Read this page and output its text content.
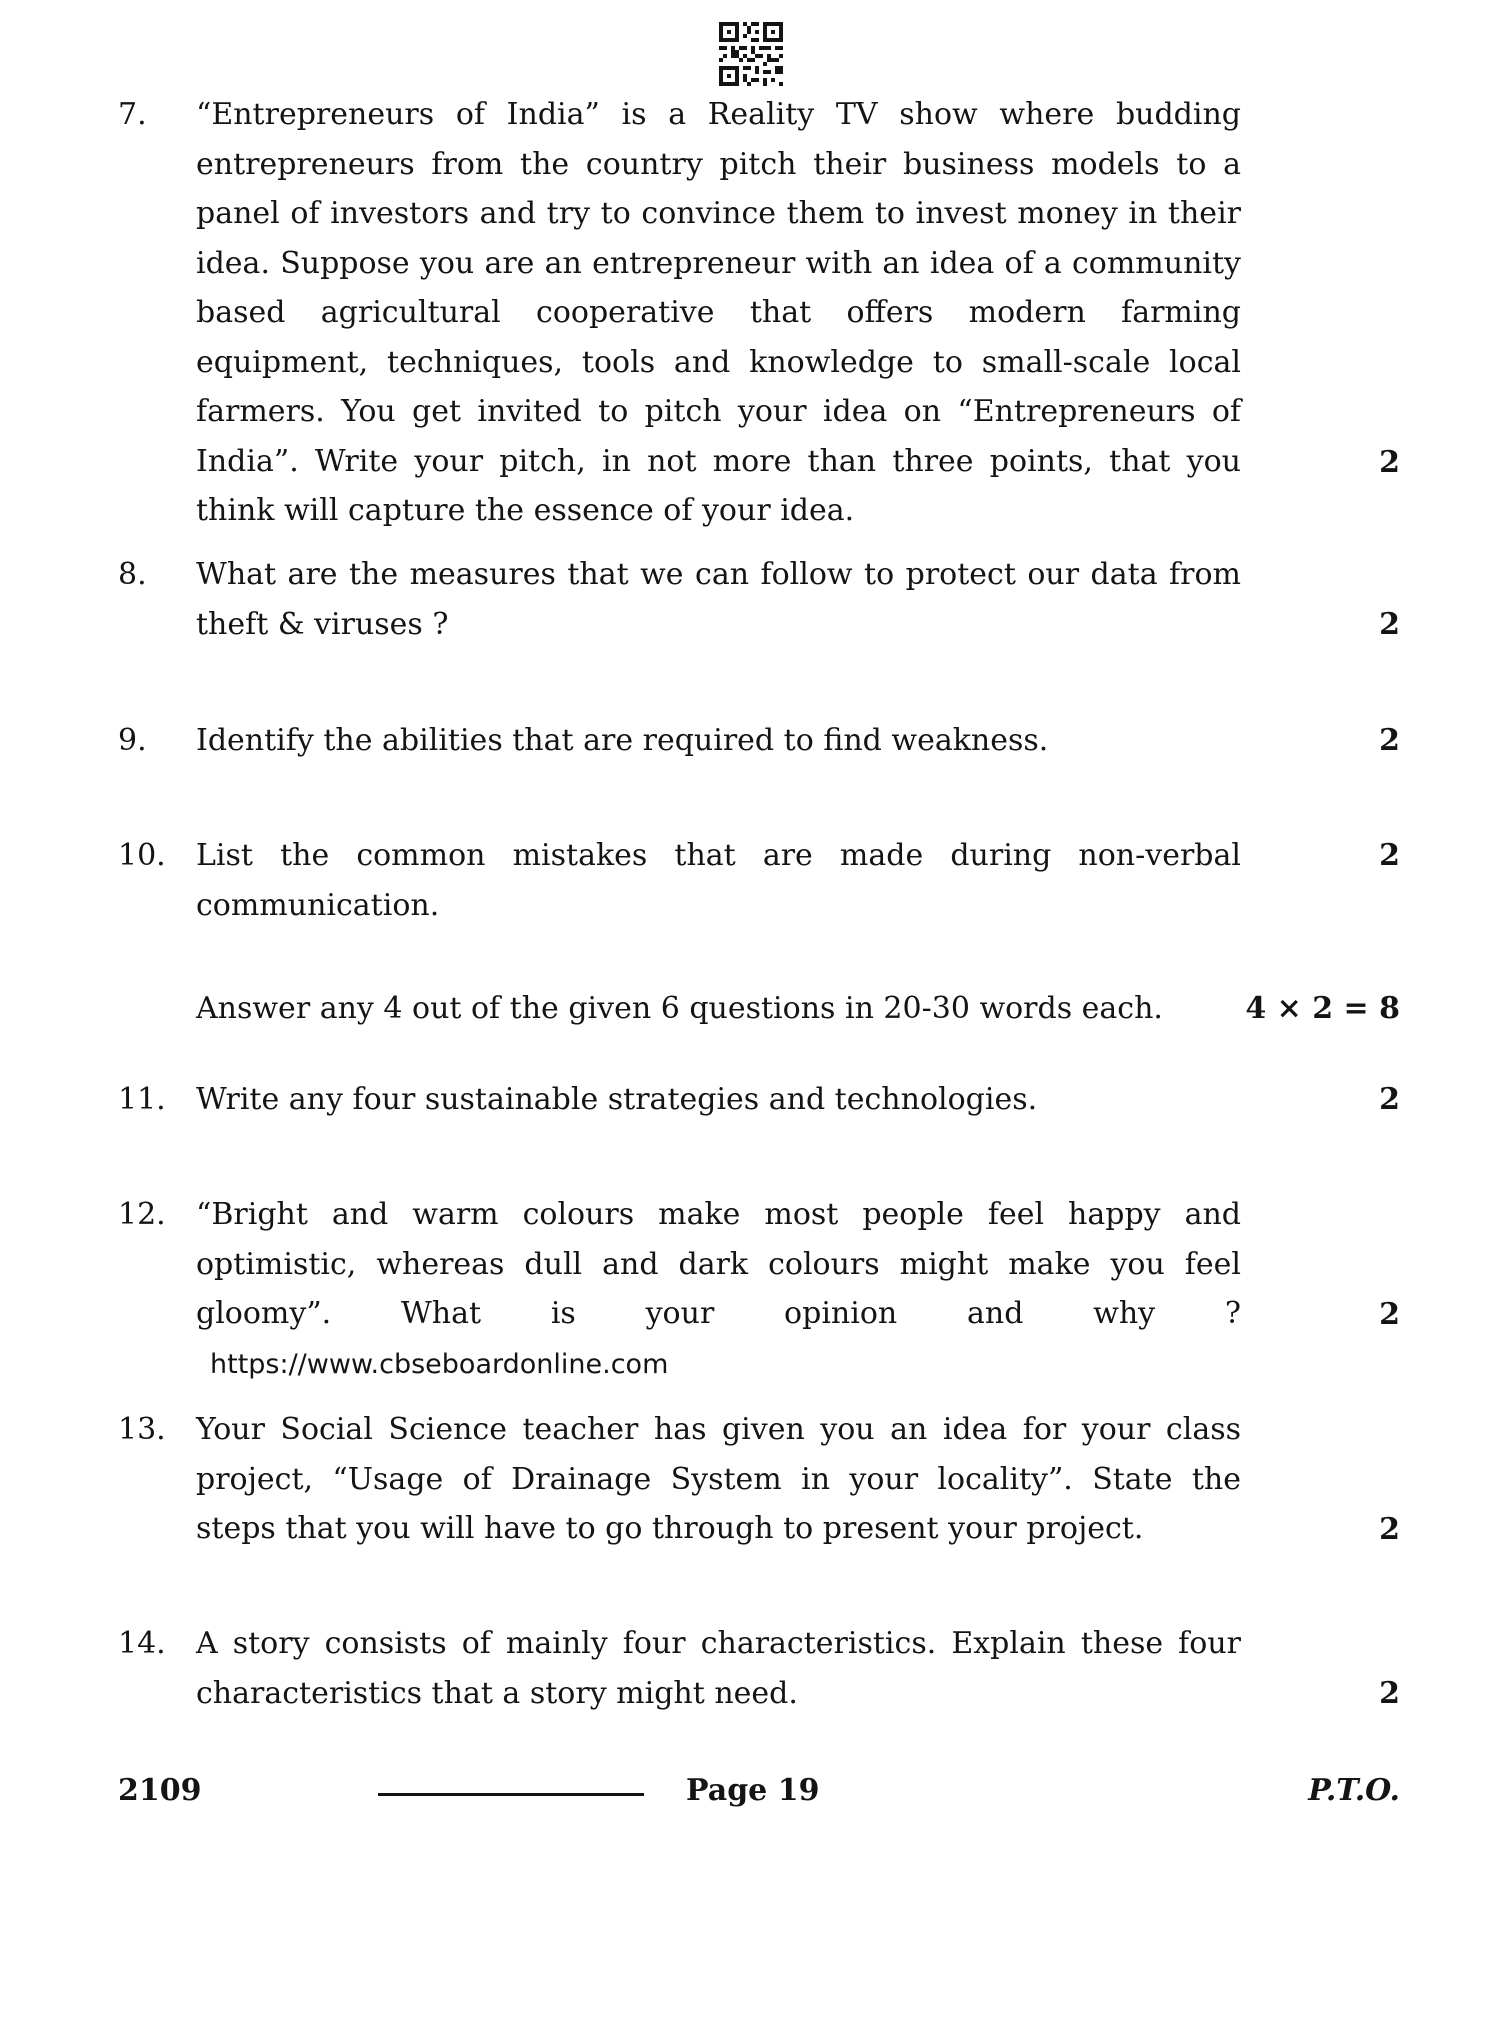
7. “Entrepreneurs of India” is a Reality TV show where budding entrepreneurs from the country pitch their business models to a panel of investors and try to convince them to invest money in their idea. Suppose you are an entrepreneur with an idea of a community based agricultural cooperative that offers modern farming equipment, techniques, tools and knowledge to small-scale local farmers. You get invited to pitch your idea on “Entrepreneurs of India”. Write your pitch, in not more than three points, that you think will capture the essence of your idea.
2
8. What are the measures that we can follow to protect our data from theft & viruses ?	2
9. Identify the abilities that are required to find weakness.	2
10. List the common mistakes that are made during non-verbal communication.
2
Answer any 4 out of the given 6 questions in 20-30 words each.	4 × 2 = 8
11. Write any four sustainable strategies and technologies.	2
12. “Bright and warm colours make most people feel happy and optimistic, whereas dull and dark colours might make you feel gloomy”. What is your opinion and why ?https://www.cbseboardonline.com
2
13. Your Social Science teacher has given you an idea for your class project, “Usage of Drainage System in your locality”. State the steps that you will have to go through to present your project.	2
14. A story consists of mainly four characteristics. Explain these four characteristics that a story might need.	2
2109	Page 19	P.T.O.
